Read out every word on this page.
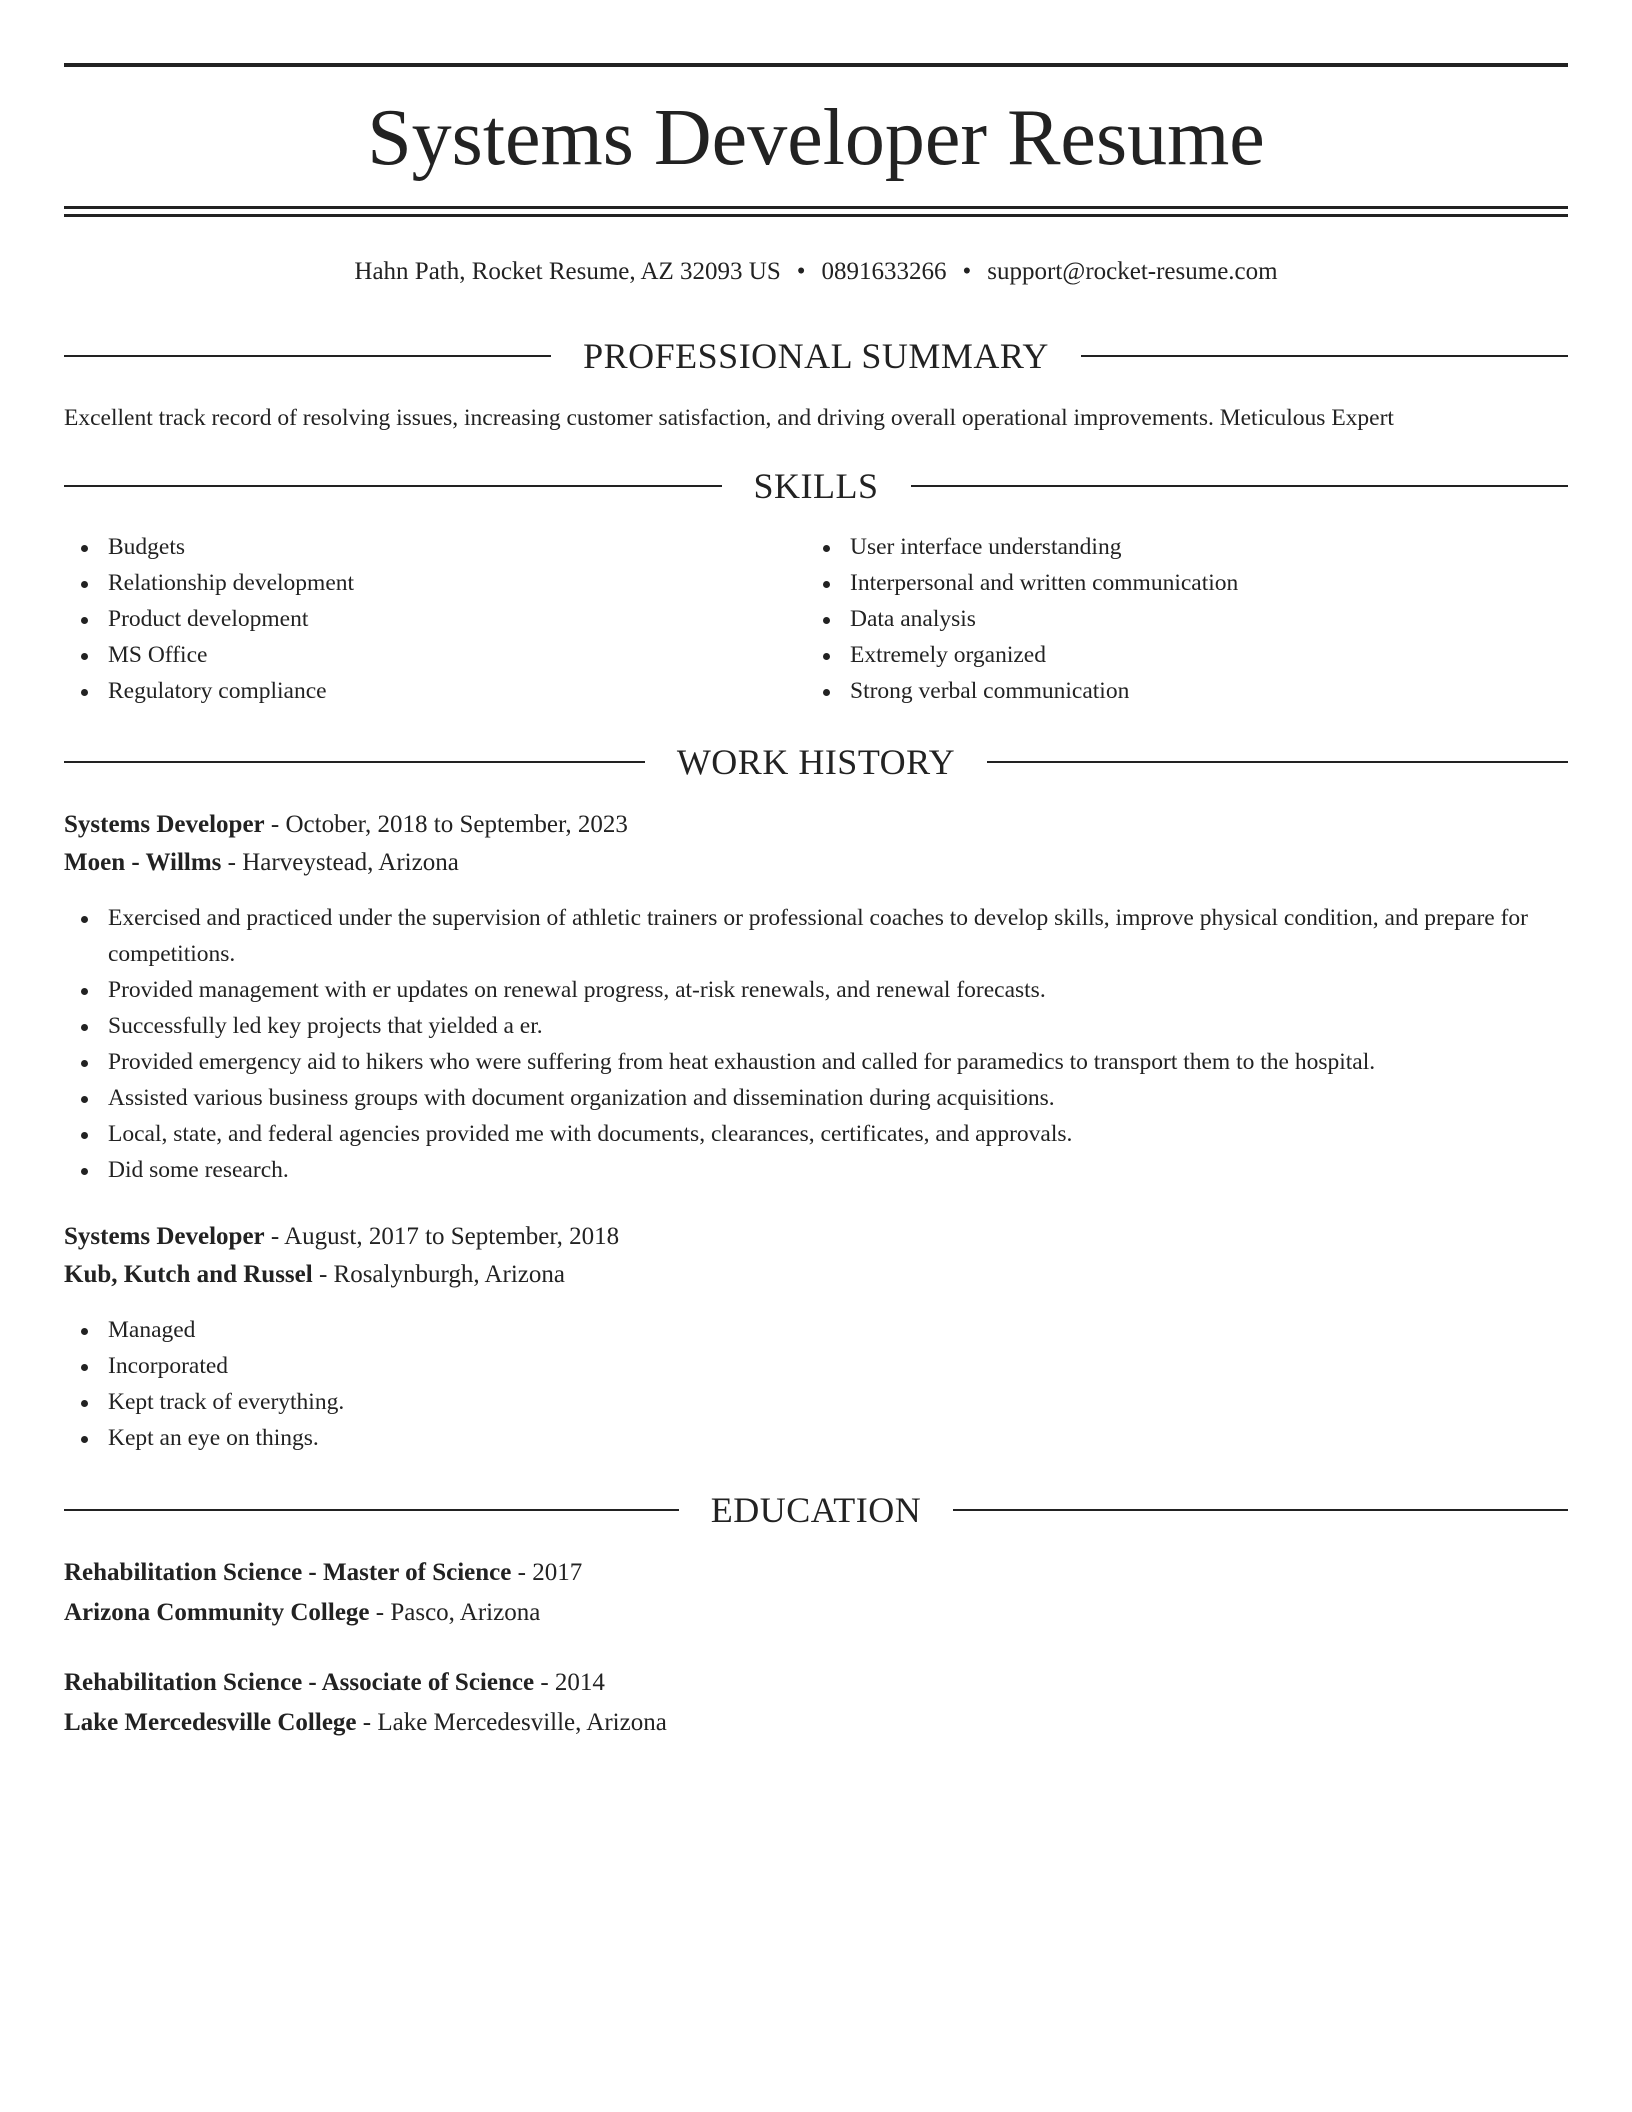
Systems Developer Resume
Hahn Path, Rocket Resume, AZ 32093 US • 0891633266 • support@rocket-resume.com
PROFESSIONAL SUMMARY
Excellent track record of resolving issues, increasing customer satisfaction, and driving overall operational improvements. Meticulous Expert
SKILLS
Budgets
Relationship development
Product development
MS Office
Regulatory compliance
User interface understanding
Interpersonal and written communication
Data analysis
Extremely organized
Strong verbal communication
WORK HISTORY
Systems Developer - October, 2018 to September, 2023
Moen - Willms - Harveystead, Arizona
Exercised and practiced under the supervision of athletic trainers or professional coaches to develop skills, improve physical condition, and prepare for competitions.
Provided management with er updates on renewal progress, at-risk renewals, and renewal forecasts.
Successfully led key projects that yielded a er.
Provided emergency aid to hikers who were suffering from heat exhaustion and called for paramedics to transport them to the hospital.
Assisted various business groups with document organization and dissemination during acquisitions.
Local, state, and federal agencies provided me with documents, clearances, certificates, and approvals.
Did some research.
Systems Developer - August, 2017 to September, 2018
Kub, Kutch and Russel - Rosalynburgh, Arizona
Managed
Incorporated
Kept track of everything.
Kept an eye on things.
EDUCATION
Rehabilitation Science - Master of Science - 2017
Arizona Community College - Pasco, Arizona
Rehabilitation Science - Associate of Science - 2014
Lake Mercedesville College - Lake Mercedesville, Arizona
